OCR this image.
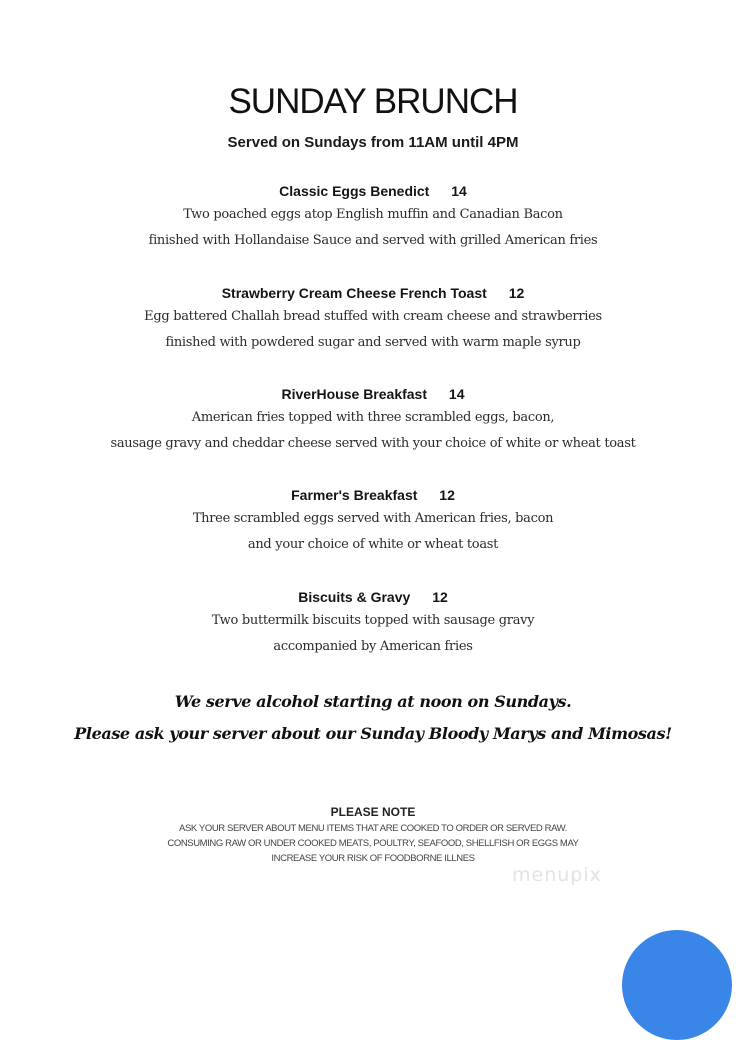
SUNDAY BRUNCH
Served on Sundays from 11AM until 4PM
Classic Eggs Benedict 14
Two poached eggs atop English muffin and Canadian Bacon
finished with Hollandaise Sauce and served with grilled American fries
Strawberry Cream Cheese French Toast 12
Egg battered Challah bread stuffed with cream cheese and strawberries
finished with powdered sugar and served with warm maple syrup
RiverHouse Breakfast 14
American fries topped with three scrambled eggs, bacon,
sausage gravy and cheddar cheese served with your choice of white or wheat toast
Farmer's Breakfast 12
Three scrambled eggs served with American fries, bacon
and your choice of white or wheat toast
Biscuits & Gravy 12
Two buttermilk biscuits topped with sausage gravy
accompanied by American fries
We serve alcohol starting at noon on Sundays.
Please ask your server about our Sunday Bloody Marys and Mimosas!
PLEASE NOTE
ASK YOUR SERVER ABOUT MENU ITEMS THAT ARE COOKED TO ORDER OR SERVED RAW.
CONSUMING RAW OR UNDER COOKED MEATS, POULTRY, SEAFOOD, SHELLFISH OR EGGS MAY
INCREASE YOUR RISK OF FOODBORNE ILLNES
menupix
